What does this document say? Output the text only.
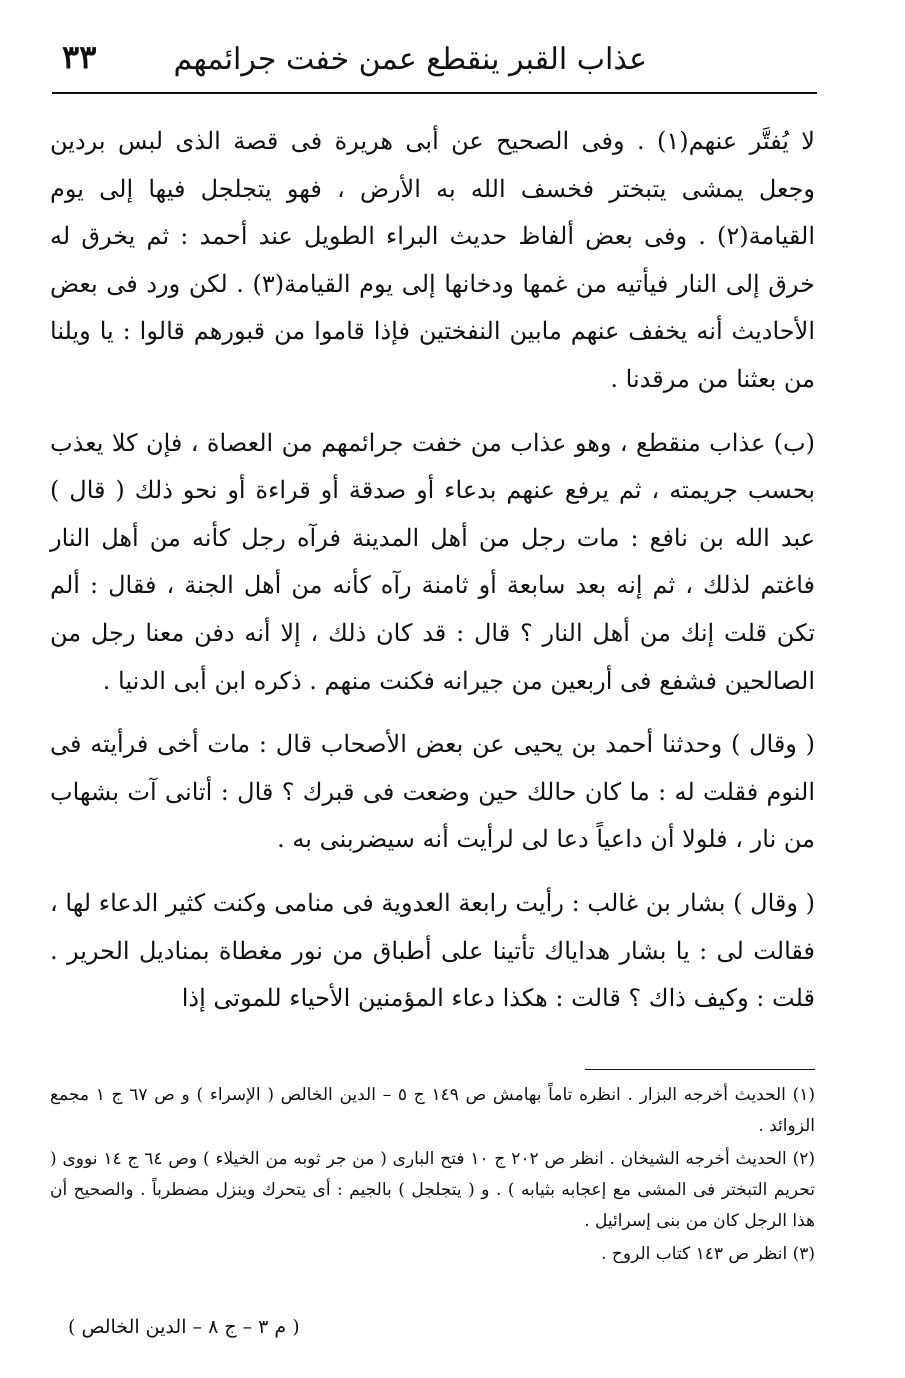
عذاب القبر ينقطع عمن خفت جرائمهم
٣٣

لا يُفتَّر عنهم(١) . وفى الصحيح عن أبى هريرة فى قصة الذى لبس بردين وجعل يمشى يتبختر فخسف الله به الأرض ، فهو يتجلجل فيها إلى يوم القيامة(٢) . وفى بعض ألفاظ حديث البراء الطويل عند أحمد : ثم يخرق له خرق إلى النار فيأتيه من غمها ودخانها إلى يوم القيامة(٣) . لكن ورد فى بعض الأحاديث أنه يخفف عنهم مابين النفختين فإذا قاموا من قبورهم قالوا : يا ويلنا من بعثنا من مرقدنا .

(ب) عذاب منقطع ، وهو عذاب من خفت جرائمهم من العصاة ، فإن كلا يعذب بحسب جريمته ، ثم يرفع عنهم بدعاء أو صدقة أو قراءة أو نحو ذلك ( قال ) عبد الله بن نافع : مات رجل من أهل المدينة فرآه رجل كأنه من أهل النار فاغتم لذلك ، ثم إنه بعد سابعة أو ثامنة رآه كأنه من أهل الجنة ، فقال : ألم تكن قلت إنك من أهل النار ؟ قال : قد كان ذلك ، إلا أنه دفن معنا رجل من الصالحين فشفع فى أربعين من جيرانه فكنت منهم . ذكره ابن أبى الدنيا .

( وقال ) وحدثنا أحمد بن يحيى عن بعض الأصحاب قال : مات أخى فرأيته فى النوم فقلت له : ما كان حالك حين وضعت فى قبرك ؟ قال : أتانى آت بشهاب من نار ، فلولا أن داعياً دعا لى لرأيت أنه سيضربنى به .

( وقال ) بشار بن غالب : رأيت رابعة العدوية فى منامى وكنت كثير الدعاء لها ، فقالت لى : يا بشار هداياك تأتينا على أطباق من نور مغطاة بمناديل الحرير . قلت : وكيف ذاك ؟ قالت : هكذا دعاء المؤمنين الأحياء للموتى إذا

(١) الحديث أخرجه البزار . انظره تاماً بهامش ص ١٤٩ ج ٥ – الدين الخالص ( الإسراء ) و ص ٦٧ ج ١ مجمع الزوائد .

(٢) الحديث أخرجه الشيخان . انظر ص ٢٠٢ ج ١٠ فتح البارى ( من جر ثوبه من الخيلاء ) وص ٦٤ ج ١٤ نووى ( تحريم التبختر فى المشى مع إعجابه بثيابه ) . و ( يتجلجل ) بالجيم : أى يتحرك وينزل مضطرباً . والصحيح أن هذا الرجل كان من بنى إسرائيل .

(٣) انظر ص ١٤٣ كتاب الروح .

( م ٣ – ج ٨ – الدين الخالص )
